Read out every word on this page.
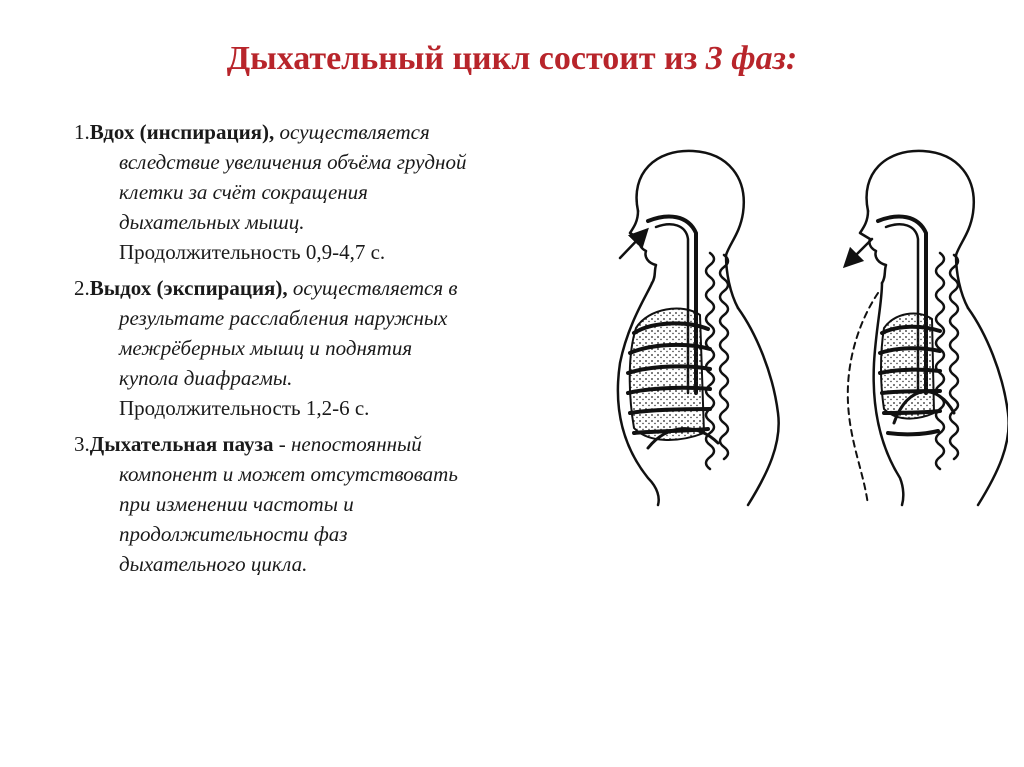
Дыхательный цикл состоит из 3 фаз:
1.Вдох (инспирация), осуществляется
вследствие увеличения объёма грудной
клетки за счёт сокращения
дыхательных мышц.
Продолжительность 0,9-4,7 с.
2.Выдох (экспирация), осуществляется в
результате расслабления наружных
межрёберных мышц и поднятия
купола диафрагмы.
Продолжительность 1,2-6 с.
3.Дыхательная пауза - непостоянный
компонент и может отсутствовать
при изменении частоты и
продолжительности фаз
дыхательного цикла.
